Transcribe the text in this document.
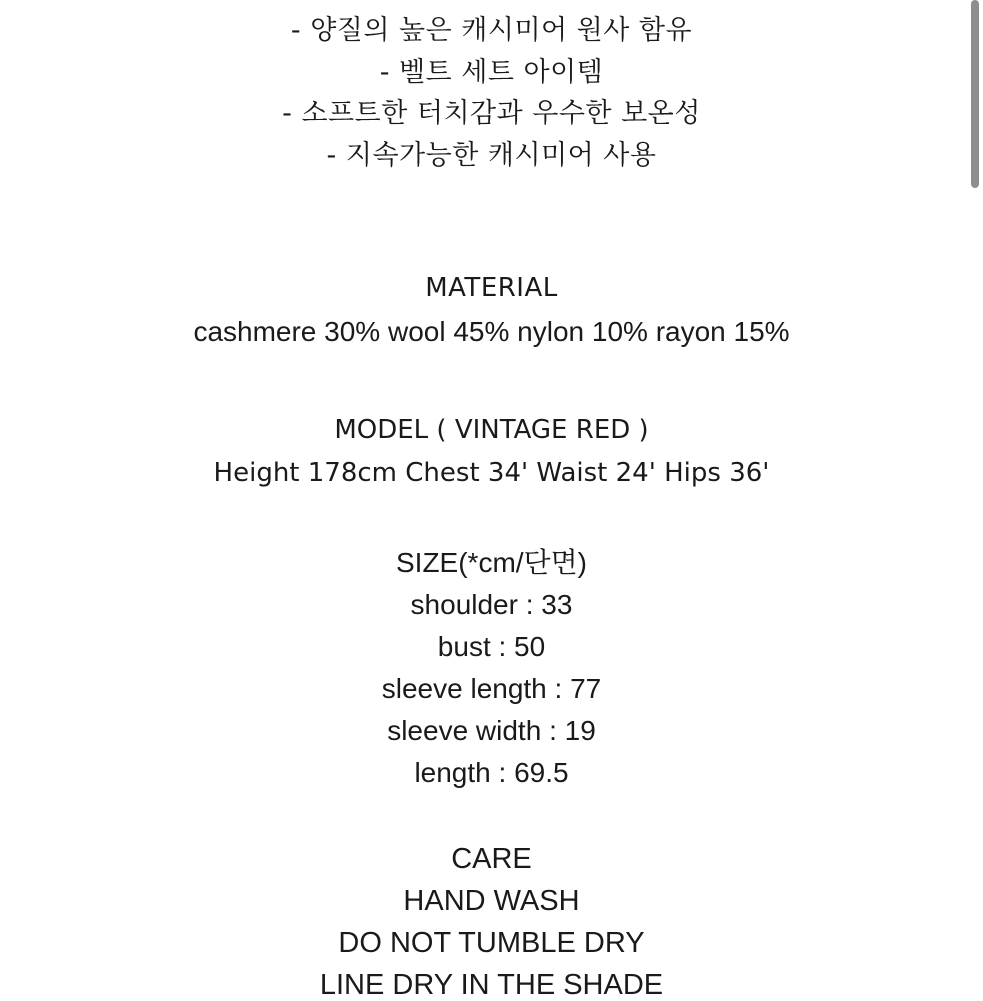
- 양질의 높은 캐시미어 원사 함유
- 벨트 세트 아이템
- 소프트한 터치감과 우수한 보온성
- 지속가능한 캐시미어 사용
MATERIAL
cashmere 30% wool 45% nylon 10% rayon 15%
MODEL ( VINTAGE RED )
Height 178cm Chest 34' Waist 24' Hips 36'
SIZE(*cm/단면)
shoulder : 33
bust : 50
sleeve length : 77
sleeve width : 19
length : 69.5
CARE
HAND WASH
DO NOT TUMBLE DRY
LINE DRY IN THE SHADE
